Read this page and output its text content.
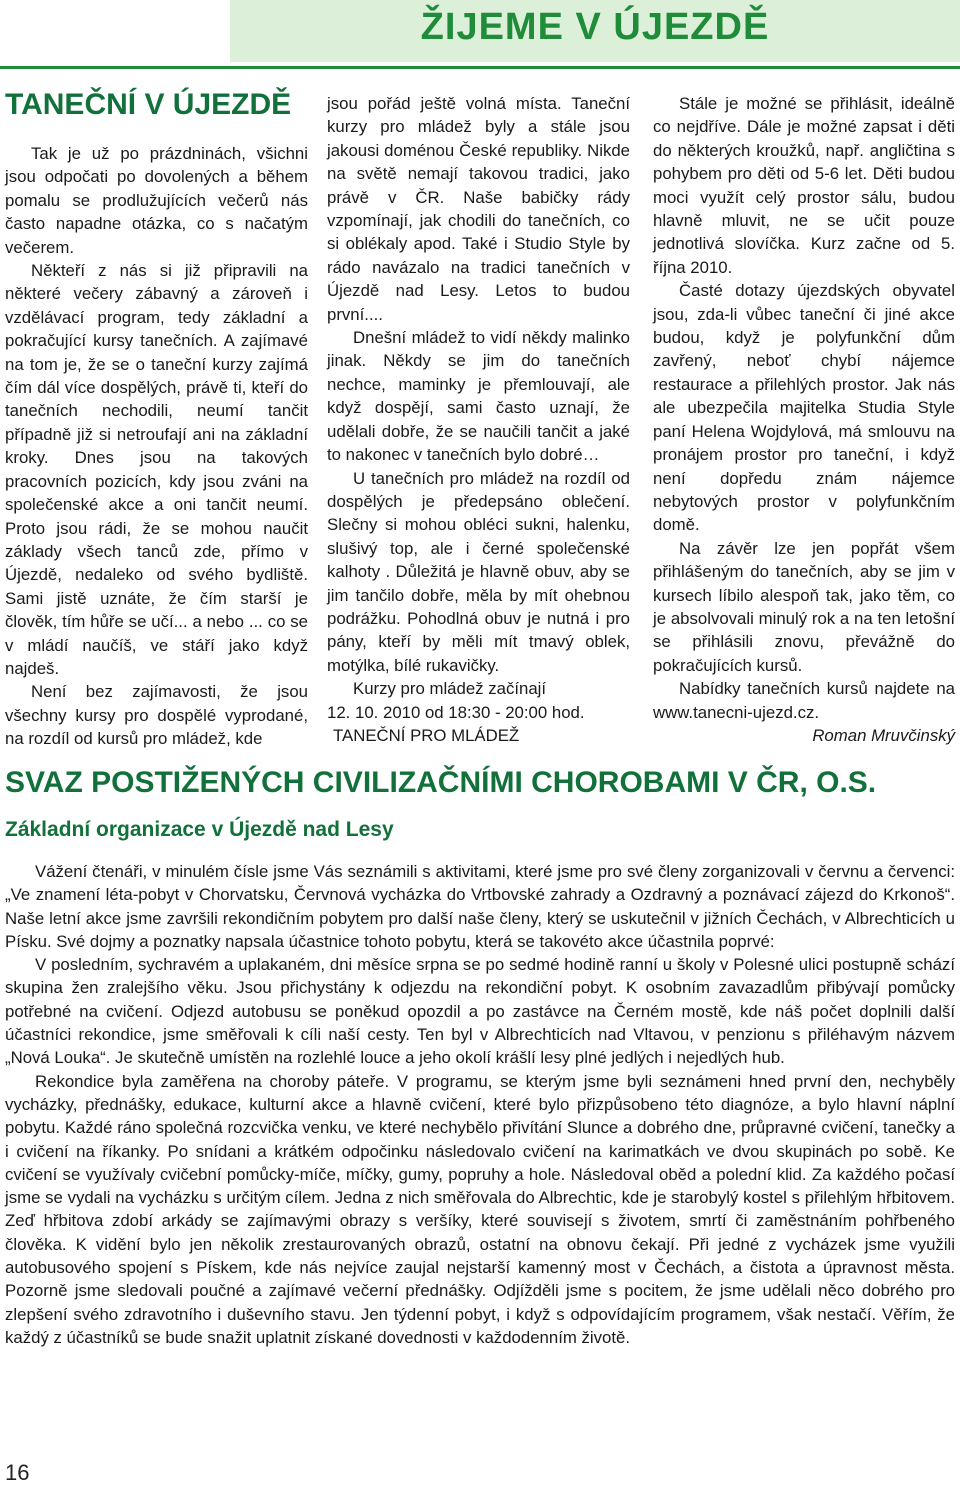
ŽIJEME V ÚJEZDĚ
TANEČNÍ V ÚJEZDĚ

Tak je už po prázdninách, všichni jsou odpočati po dovolených a během pomalu se prodlužujících večerů nás často napadne otázka, co s načatým večerem.

Někteří z nás si již připravili na některé večery zábavný a zároveň i vzdělávací program, tedy základní a pokračující kursy tanečních. A zajímavé na tom je, že se o taneční kurzy zajímá čím dál více dospělých, právě ti, kteří do tanečních nechodili, neumí tančit případně již si netroufají ani na základní kroky. Dnes jsou na takových pracovních pozicích, kdy jsou zváni na společenské akce a oni tančit neumí. Proto jsou rádi, že se mohou naučit základy všech tanců zde, přímo v Újezdě, nedaleko od svého bydliště. Sami jistě uznáte, že čím starší je člověk, tím hůře se učí... a nebo ... co se v mládí naučíš, ve stáří jako když najdeš.

Není bez zajímavosti, že jsou všechny kursy pro dospělé vyprodané, na rozdíl od kursů pro mládež, kde

jsou pořád ještě volná místa. Taneční kurzy pro mládež byly a stále jsou jakousi doménou České republiky. Nikde na světě nemají takovou tradici, jako právě v ČR. Naše babičky rády vzpomínají, jak chodili do tanečních, co si oblékaly apod. Také i Studio Style by rádo navázalo na tradici tanečních v Újezdě nad Lesy. Letos to budou první....

Dnešní mládež to vidí někdy malinko jinak. Někdy se jim do tanečních nechce, maminky je přemlouvají, ale když dospějí, sami často uznají, že udělali dobře, že se naučili tančit a jaké to nakonec v tanečních bylo dobré…

U tanečních pro mládež na rozdíl od dospělých je předepsáno oblečení. Slečny si mohou obléci sukni, halenku, slušivý top, ale i černé společenské kalhoty . Důležitá je hlavně obuv, aby se jim tančilo dobře, měla by mít ohebnou podrážku. Pohodlná obuv je nutná i pro pány, kteří by měli mít tmavý oblek, motýlka, bílé rukavičky.

Kurzy pro mládež začínají

12. 10. 2010 od 18:30 - 20:00 hod.

TANEČNÍ PRO MLÁDEŽ

Stále je možné se přihlásit, ideálně co nejdříve. Dále je možné zapsat i děti do některých kroužků, např. angličtina s pohybem pro děti od 5-6 let. Děti budou moci využít celý prostor sálu, budou hlavně mluvit, ne se učit pouze jednotlivá slovíčka. Kurz začne od 5. října 2010.

Časté dotazy újezdských obyvatel jsou, zda-li vůbec taneční či jiné akce budou, když je polyfunkční dům zavřený, neboť chybí nájemce restaurace a přilehlých prostor. Jak nás ale ubezpečila majitelka Studia Style paní Helena Wojdylová, má smlouvu na pronájem prostor pro taneční, i když není dopředu znám nájemce nebytových prostor v polyfunkčním domě.

Na závěr lze jen popřát všem přihlášeným do tanečních, aby se jim v kursech líbilo alespoň tak, jako těm, co je absolvovali minulý rok a na ten letošní se přihlásili znovu, převážně do pokračujících kursů.

Nabídky tanečních kursů najdete na www.tanecni-ujezd.cz.

Roman Mruvčinský

SVAZ POSTIŽENÝCH CIVILIZAČNÍMI CHOROBAMI V ČR, O.S.
Základní organizace v Újezdě nad Lesy

Vážení čtenáři, v minulém čísle jsme Vás seznámili s aktivitami, které jsme pro své členy zorganizovali v červnu a červenci: „Ve znamení léta-pobyt v Chorvatsku, Červnová vycházka do Vrtbovské zahrady a Ozdravný a poznávací zájezd do Krkonoš“. Naše letní akce jsme završili rekondičním pobytem pro další naše členy, který se uskutečnil v jižních Čechách, v Albrechticích u Písku. Své dojmy a poznatky napsala účastnice tohoto pobytu, která se takovéto akce účastnila poprvé:

V posledním, sychravém a uplakaném, dni měsíce srpna se po sedmé hodině ranní u školy v Polesné ulici postupně schází skupina žen zralejšího věku. Jsou přichystány k odjezdu na rekondiční pobyt. K osobním zavazadlům přibývají pomůcky potřebné na cvičení. Odjezd autobusu se poněkud opozdil a po zastávce na Černém mostě, kde náš počet doplnili další účastníci rekondice, jsme směřovali k cíli naší cesty. Ten byl v Albrechticích nad Vltavou, v penzionu s přiléhavým názvem „Nová Louka“. Je skutečně umístěn na rozlehlé louce a jeho okolí krášlí lesy plné jedlých i nejedlých hub.

Rekondice byla zaměřena na choroby páteře. V programu, se kterým jsme byli seznámeni hned první den, nechyběly vycházky, přednášky, edukace, kulturní akce a hlavně cvičení, které bylo přizpůsobeno této diagnóze, a bylo hlavní náplní pobytu. Každé ráno společná rozcvička venku, ve které nechybělo přivítání Slunce a dobrého dne, průpravné cvičení, tanečky a i cvičení na říkanky. Po snídani a krátkém odpočinku následovalo cvičení na karimatkách ve dvou skupinách po sobě. Ke cvičení se využívaly cvičební pomůcky-míče, míčky, gumy, popruhy a hole. Následoval oběd a polední klid. Za každého počasí jsme se vydali na vycházku s určitým cílem. Jedna z nich směřovala do Albrechtic, kde je starobylý kostel s přilehlým hřbitovem. Zeď hřbitova zdobí arkády se zajímavými obrazy s veršíky, které souvisejí s životem, smrtí či zaměstnáním pohřbeného člověka. K vidění bylo jen několik zrestaurovaných obrazů, ostatní na obnovu čekají. Při jedné z vycházek jsme využili autobusového spojení s Pískem, kde nás nejvíce zaujal nejstarší kamenný most v Čechách, a čistota a úpravnost města. Pozorně jsme sledovali poučné a zajímavé večerní přednášky. Odjížděli jsme s pocitem, že jsme udělali něco dobrého pro zlepšení svého zdravotního i duševního stavu. Jen týdenní pobyt, i když s odpovídajícím programem, však nestačí. Věřím, že každý z účastníků se bude snažit uplatnit získané dovednosti v každodenním životě.

16
